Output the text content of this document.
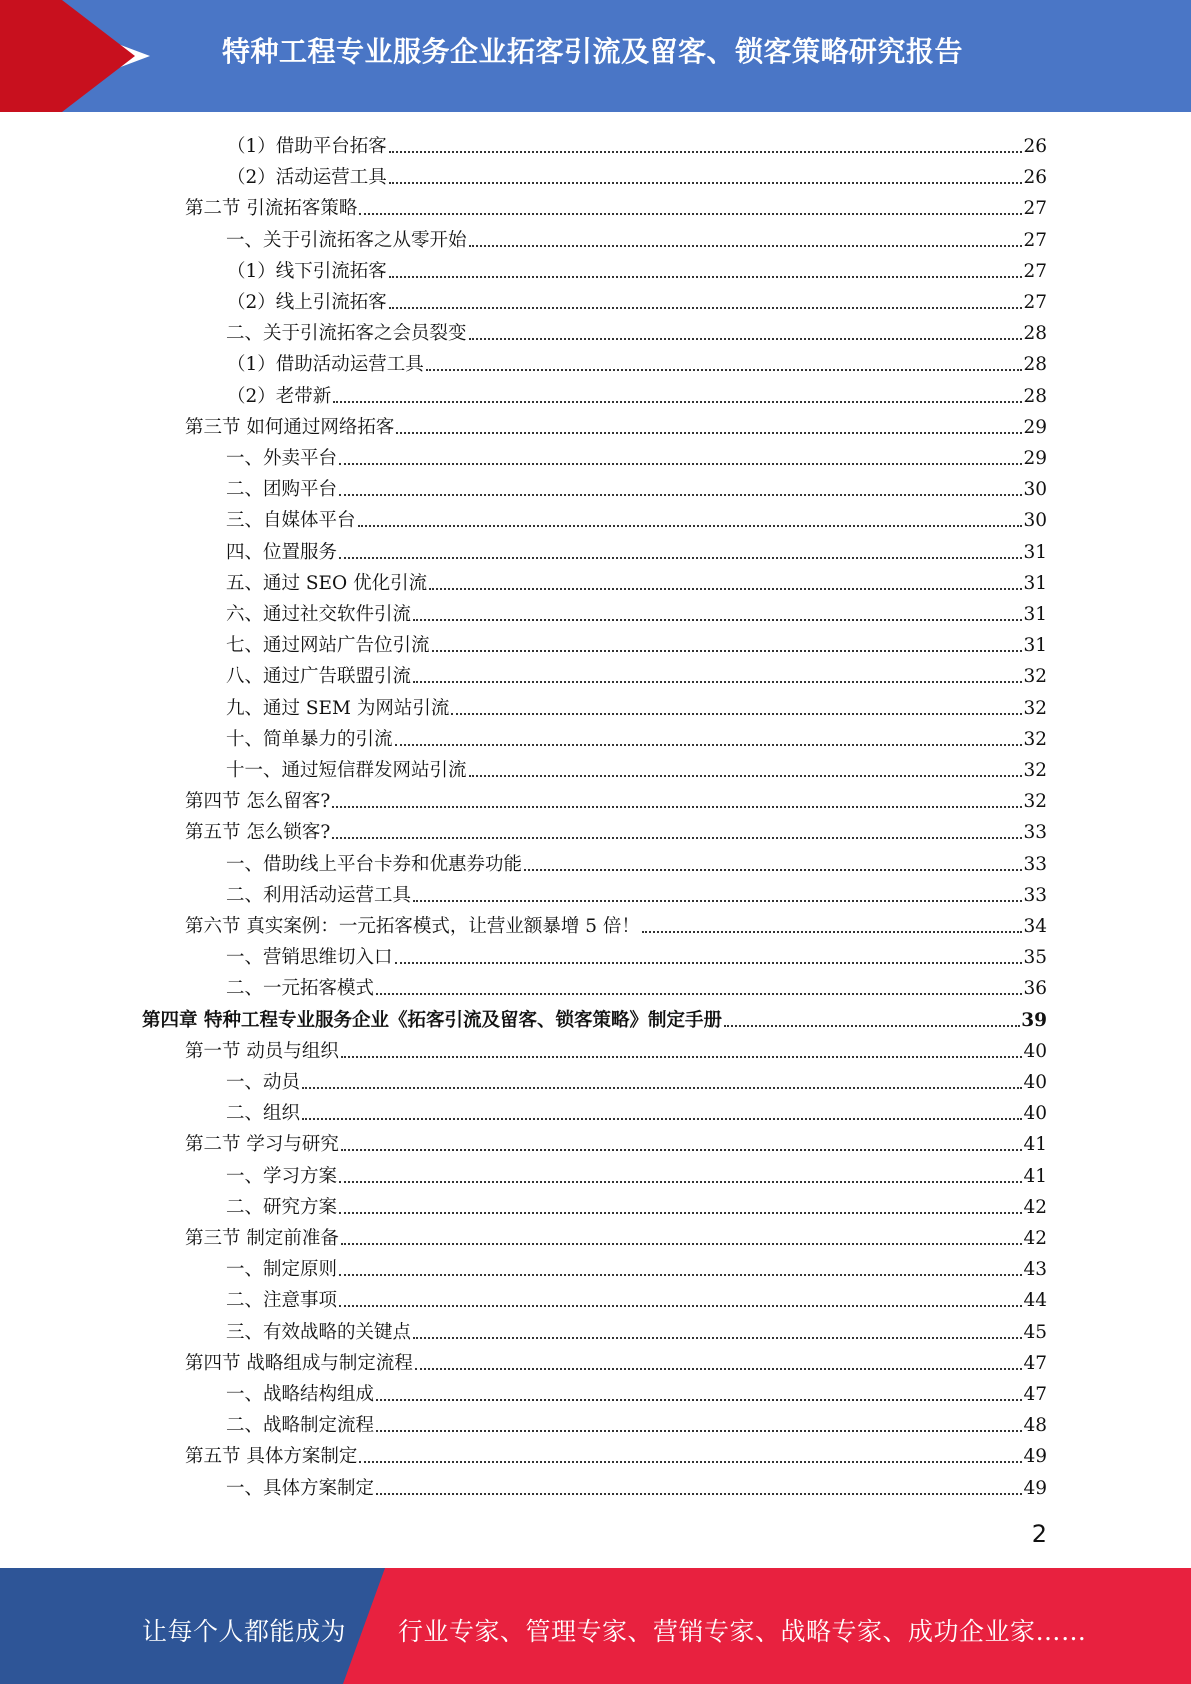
特种工程专业服务企业拓客引流及留客、锁客策略研究报告
（1）借助平台拓客	26
（2）活动运营工具	26
第二节 引流拓客策略	27
一、关于引流拓客之从零开始	27
（1）线下引流拓客	27
（2）线上引流拓客	27
二、关于引流拓客之会员裂变	28
（1）借助活动运营工具	28
（2）老带新	28
第三节 如何通过网络拓客	29
一、外卖平台	29
二、团购平台	30
三、自媒体平台	30
四、位置服务	31
五、通过 SEO 优化引流	31
六、通过社交软件引流	31
七、通过网站广告位引流	31
八、通过广告联盟引流	32
九、通过 SEM 为网站引流	32
十、简单暴力的引流	32
十一、通过短信群发网站引流	32
第四节 怎么留客?	32
第五节 怎么锁客?	33
一、借助线上平台卡券和优惠券功能	33
二、利用活动运营工具	33
第六节 真实案例：一元拓客模式，让营业额暴增 5 倍！	34
一、营销思维切入口	35
二、一元拓客模式	36
第四章 特种工程专业服务企业《拓客引流及留客、锁客策略》制定手册	39
第一节 动员与组织	40
一、动员	40
二、组织	40
第二节 学习与研究	41
一、学习方案	41
二、研究方案	42
第三节 制定前准备	42
一、制定原则	43
二、注意事项	44
三、有效战略的关键点	45
第四节 战略组成与制定流程	47
一、战略结构组成	47
二、战略制定流程	48
第五节 具体方案制定	49
一、具体方案制定	49
2
让每个人都能成为 行业专家、管理专家、营销专家、战略专家、成功企业家……
